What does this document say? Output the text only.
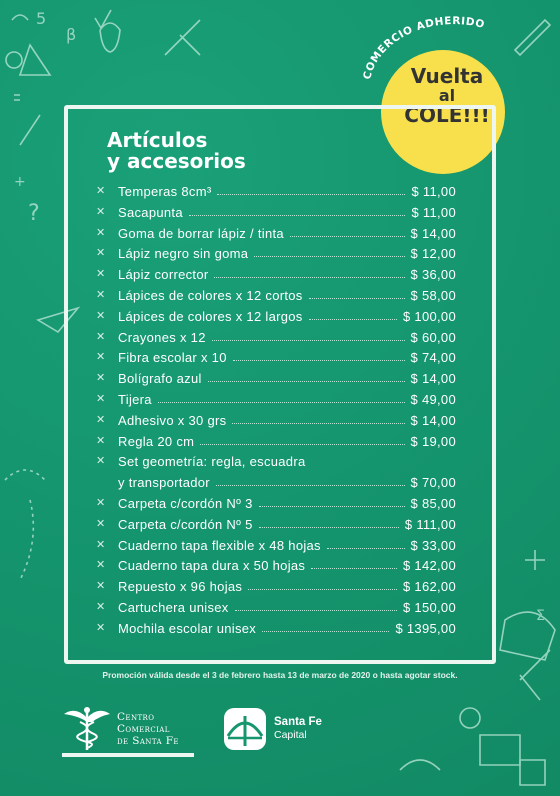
5
β
+
?
Σ
COMERCIO ADHERIDO
Vuelta
al
COLE!!!
Artículos
y accesorios
✕ Temperas 8cm³	$ 11,00
✕ Sacapunta	$ 11,00
✕ Goma de borrar lápiz / tinta	$ 14,00
✕ Lápiz negro sin goma	$ 12,00
✕ Lápiz corrector	$ 36,00
✕ Lápices de colores x 12 cortos	$ 58,00
✕ Lápices de colores x 12 largos	$ 100,00
✕ Crayones x 12	$ 60,00
✕ Fibra escolar x 10	$ 74,00
✕ Bolígrafo azul	$ 14,00
✕ Tijera	$ 49,00
✕ Adhesivo x 30 grs	$ 14,00
✕ Regla 20 cm	$ 19,00
✕ Set geometría: regla, escuadra
y transportador	$ 70,00
✕ Carpeta c/cordón Nº 3	$ 85,00
✕ Carpeta c/cordón Nº 5	$ 111,00
✕ Cuaderno tapa flexible x 48 hojas	$ 33,00
✕ Cuaderno tapa dura x 50 hojas	$ 142,00
✕ Repuesto x 96 hojas	$ 162,00
✕ Cartuchera unisex	$ 150,00
✕ Mochila escolar unisex	$ 1395,00
Promoción válida desde el 3 de febrero hasta 13 de marzo de 2020 o hasta agotar stock.
Centro
Comercial
de Santa Fe
Santa Fe
Capital
